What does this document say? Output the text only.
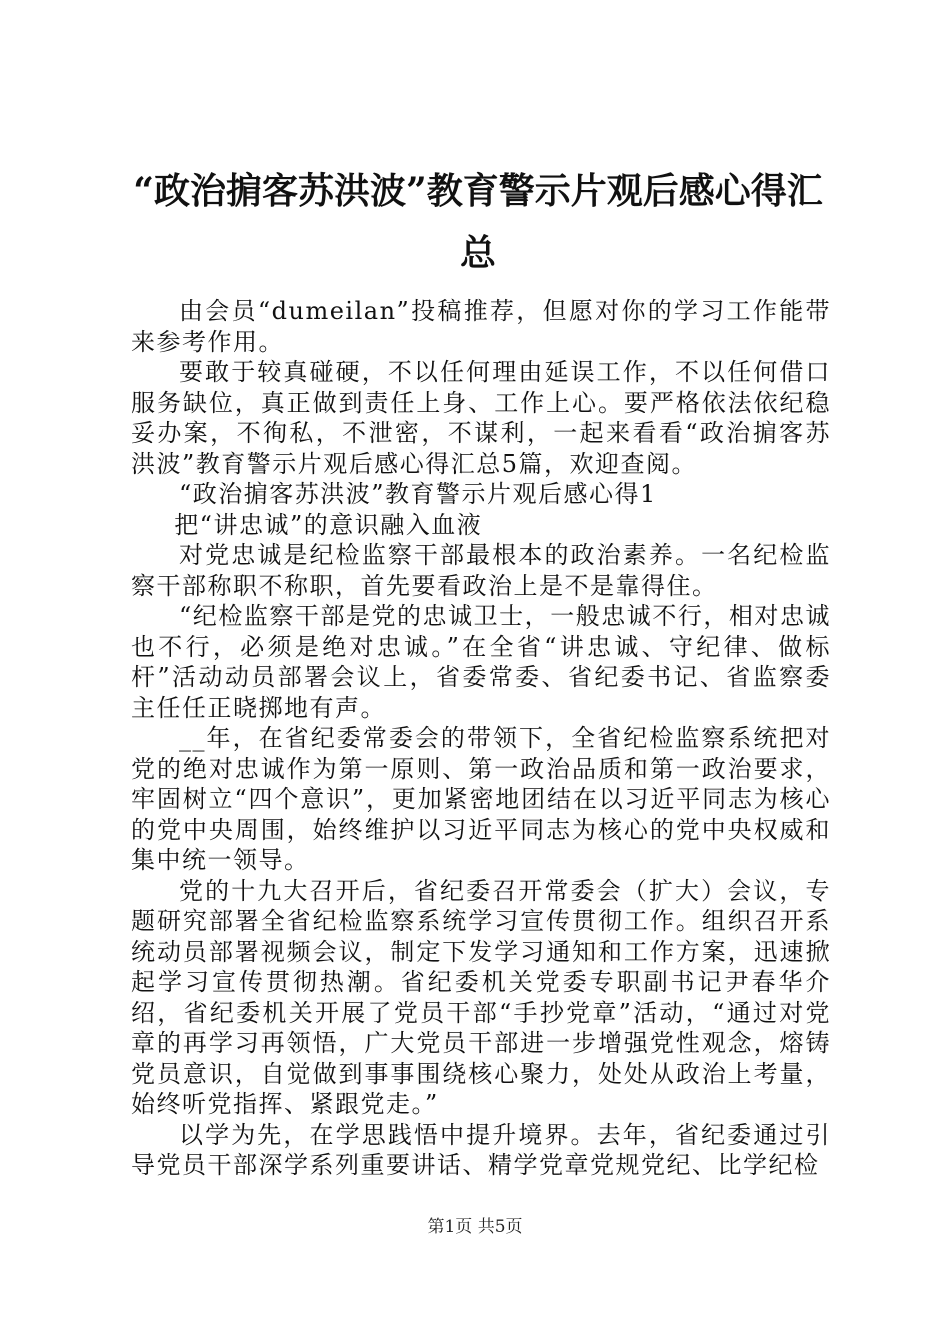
“政治掮客苏洪波”教育警示片观后感心得汇总

由会员“dumeilan”投稿推荐，但愿对你的学习工作能带来参考作用。

要敢于较真碰硬，不以任何理由延误工作，不以任何借口服务缺位，真正做到责任上身、工作上心。要严格依法依纪稳妥办案，不徇私，不泄密，不谋利，一起来看看“政治掮客苏洪波”教育警示片观后感心得汇总5篇，欢迎查阅。

“政治掮客苏洪波”教育警示片观后感心得1

把“讲忠诚”的意识融入血液

对党忠诚是纪检监察干部最根本的政治素养。一名纪检监察干部称职不称职，首先要看政治上是不是靠得住。

“纪检监察干部是党的忠诚卫士，一般忠诚不行，相对忠诚也不行，必须是绝对忠诚。”在全省“讲忠诚、守纪律、做标杆”活动动员部署会议上，省委常委、省纪委书记、省监察委主任任正晓掷地有声。

__年，在省纪委常委会的带领下，全省纪检监察系统把对党的绝对忠诚作为第一原则、第一政治品质和第一政治要求，牢固树立“四个意识”，更加紧密地团结在以习近平同志为核心的党中央周围，始终维护以习近平同志为核心的党中央权威和集中统一领导。

党的十九大召开后，省纪委召开常委会（扩大）会议，专题研究部署全省纪检监察系统学习宣传贯彻工作。组织召开系统动员部署视频会议，制定下发学习通知和工作方案，迅速掀起学习宣传贯彻热潮。省纪委机关党委专职副书记尹春华介绍，省纪委机关开展了党员干部“手抄党章”活动，“通过对党章的再学习再领悟，广大党员干部进一步增强党性观念，熔铸党员意识，自觉做到事事围绕核心聚力，处处从政治上考量，始终听党指挥、紧跟党走。”

以学为先，在学思践悟中提升境界。去年，省纪委通过引导党员干部深学系列重要讲话、精学党章党规党纪、比学纪检

第1页 共5页
